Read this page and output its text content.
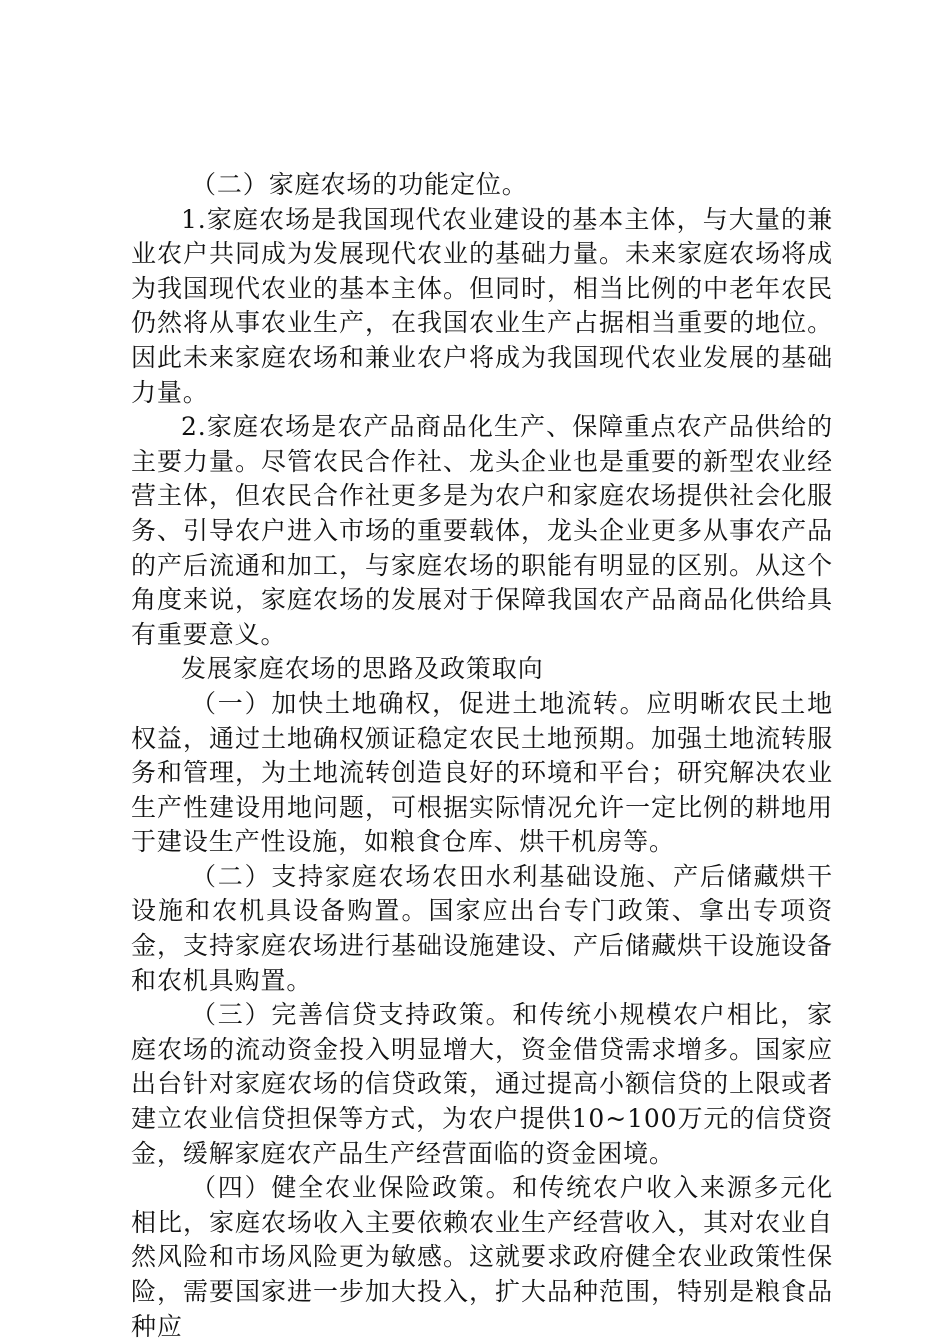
（二）家庭农场的功能定位。

1.家庭农场是我国现代农业建设的基本主体，与大量的兼业农户共同成为发展现代农业的基础力量。未来家庭农场将成为我国现代农业的基本主体。但同时，相当比例的中老年农民仍然将从事农业生产，在我国农业生产占据相当重要的地位。因此未来家庭农场和兼业农户将成为我国现代农业发展的基础力量。

2.家庭农场是农产品商品化生产、保障重点农产品供给的主要力量。尽管农民合作社、龙头企业也是重要的新型农业经营主体，但农民合作社更多是为农户和家庭农场提供社会化服务、引导农户进入市场的重要载体，龙头企业更多从事农产品的产后流通和加工，与家庭农场的职能有明显的区别。从这个角度来说，家庭农场的发展对于保障我国农产品商品化供给具有重要意义。

发展家庭农场的思路及政策取向

（一）加快土地确权，促进土地流转。应明晰农民土地权益，通过土地确权颁证稳定农民土地预期。加强土地流转服务和管理，为土地流转创造良好的环境和平台；研究解决农业生产性建设用地问题，可根据实际情况允许一定比例的耕地用于建设生产性设施，如粮食仓库、烘干机房等。

（二）支持家庭农场农田水利基础设施、产后储藏烘干设施和农机具设备购置。国家应出台专门政策、拿出专项资金，支持家庭农场进行基础设施建设、产后储藏烘干设施设备和农机具购置。

（三）完善信贷支持政策。和传统小规模农户相比，家庭农场的流动资金投入明显增大，资金借贷需求增多。国家应出台针对家庭农场的信贷政策，通过提高小额信贷的上限或者建立农业信贷担保等方式，为农户提供10~100万元的信贷资金，缓解家庭农产品生产经营面临的资金困境。

（四）健全农业保险政策。和传统农户收入来源多元化相比，家庭农场收入主要依赖农业生产经营收入，其对农业自然风险和市场风险更为敏感。这就要求政府健全农业政策性保险，需要国家进一步加大投入，扩大品种范围，特别是粮食品种应
